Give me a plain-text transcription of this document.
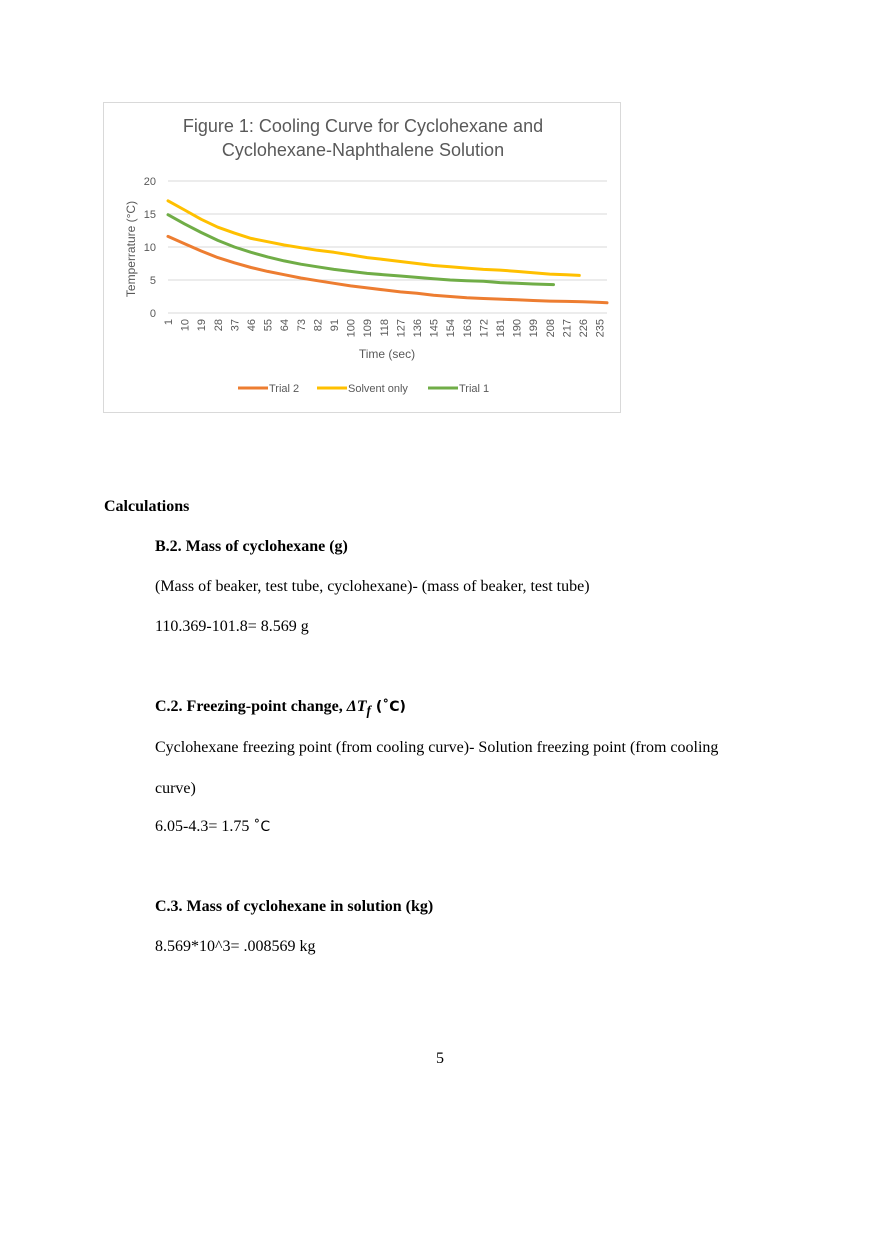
Figure 1: Cooling Curve for Cyclohexane and
Cyclohexane-Naphthalene Solution
0
5
10
15
20
1 10 19 28 37 46 55 64 73 82 91 100 109 118 127 136 145 154 163 172 181 190 199 208 217 226 235
Temperrature (°C)
Time (sec)
Trial 2	Solvent only	Trial 1
Calculations
B.2. Mass of cyclohexane (g)
(Mass of beaker, test tube, cyclohexane)- (mass of beaker, test tube)
110.369-101.8= 8.569 g
C.2. Freezing-point change, $\Delta T_f$ (˚C)
Cyclohexane freezing point (from cooling curve)- Solution freezing point (from cooling
curve)
6.05-4.3= 1.75 ˚C
C.3. Mass of cyclohexane in solution (kg)
8.569*10^3= .008569 kg
5
